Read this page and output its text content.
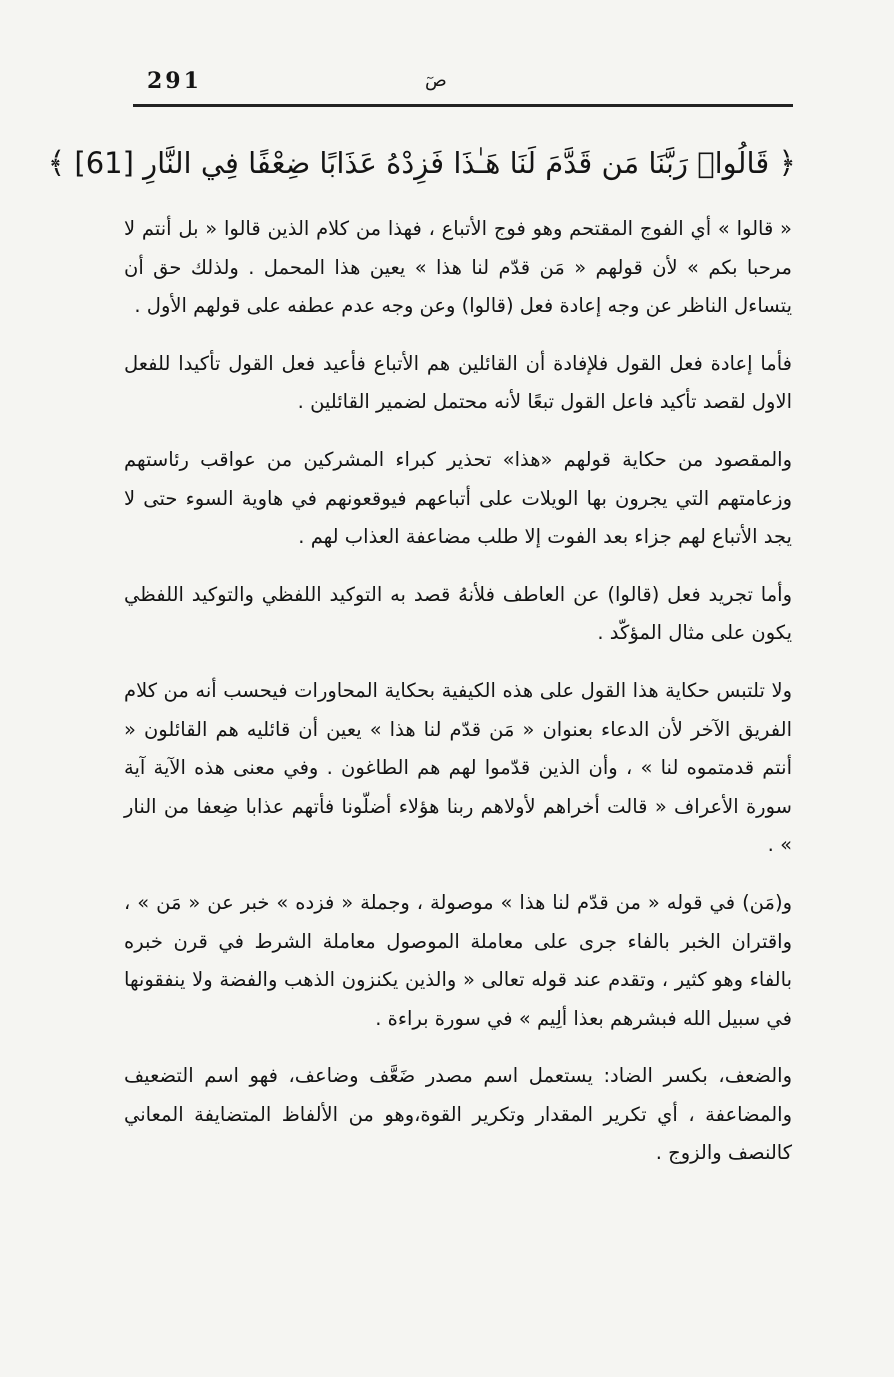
291	صٓ
﴿ قَالُوا۟ رَبَّنَا مَن قَدَّمَ لَنَا هَـٰذَا فَزِدْهُ عَذَابًا ضِعْفًا فِي النَّارِ [61] ﴾

« قالوا » أي الفوج المقتحم وهو فوج الأتباع ، فهذا من كلام الذين قالوا « بل أنتم لا مرحبا بكم » لأن قولهم « مَن قدّم لنا هذا » يعين هذا المحمل . ولذلك حق أن يتساءل الناظر عن وجه إعادة فعل (قالوا) وعن وجه عدم عطفه على قولهم الأول .

فأما إعادة فعل القول فلإفادة أن القائلين هم الأتباع فأعيد فعل القول تأكيدا للفعل الاول لقصد تأكيد فاعل القول تبعًا لأنه محتمل لضمير القائلين .

والمقصود من حكاية قولهم «هذا» تحذير كبراء المشركين من عواقب رئاستهم وزعامتهم التي يجرون بها الويلات على أتباعهم فيوقعونهم في هاوية السوء حتى لا يجد الأتباع لهم جزاء بعد الفوت إلا طلب مضاعفة العذاب لهم .

وأما تجريد فعل (قالوا) عن العاطف فلأنهُ قصد به التوكيد اللفظي والتوكيد اللفظي يكون على مثال المؤكّد .

ولا تلتبس حكاية هذا القول على هذه الكيفية بحكاية المحاورات فيحسب أنه من كلام الفريق الآخر لأن الدعاء بعنوان « مَن قدّم لنا هذا » يعين أن قائليه هم القائلون « أنتم قدمتموه لنا » ، وأن الذين قدّموا لهم هم الطاغون . وفي معنى هذه الآية آية سورة الأعراف « قالت أخراهم لأولاهم ربنا هؤلاء أضلّونا فأتهم عذابا ضِعفا من النار » .

و(مَن) في قوله « من قدّم لنا هذا » موصولة ، وجملة « فزده » خبر عن « مَن » ، واقتران الخبر بالفاء جرى على معاملة الموصول معاملة الشرط في قرن خبره بالفاء وهو كثير ، وتقدم عند قوله تعالى « والذين يكنزون الذهب والفضة ولا ينفقونها في سبيل الله فبشرهم بعذا ألِيم » في سورة براءة .

والضعف، بكسر الضاد: يستعمل اسم مصدر ضَعَّف وضاعف، فهو اسم التضعيف والمضاعفة ، أي تكرير المقدار وتكرير القوة،وهو من الألفاظ المتضايفة المعاني كالنصف والزوج .
